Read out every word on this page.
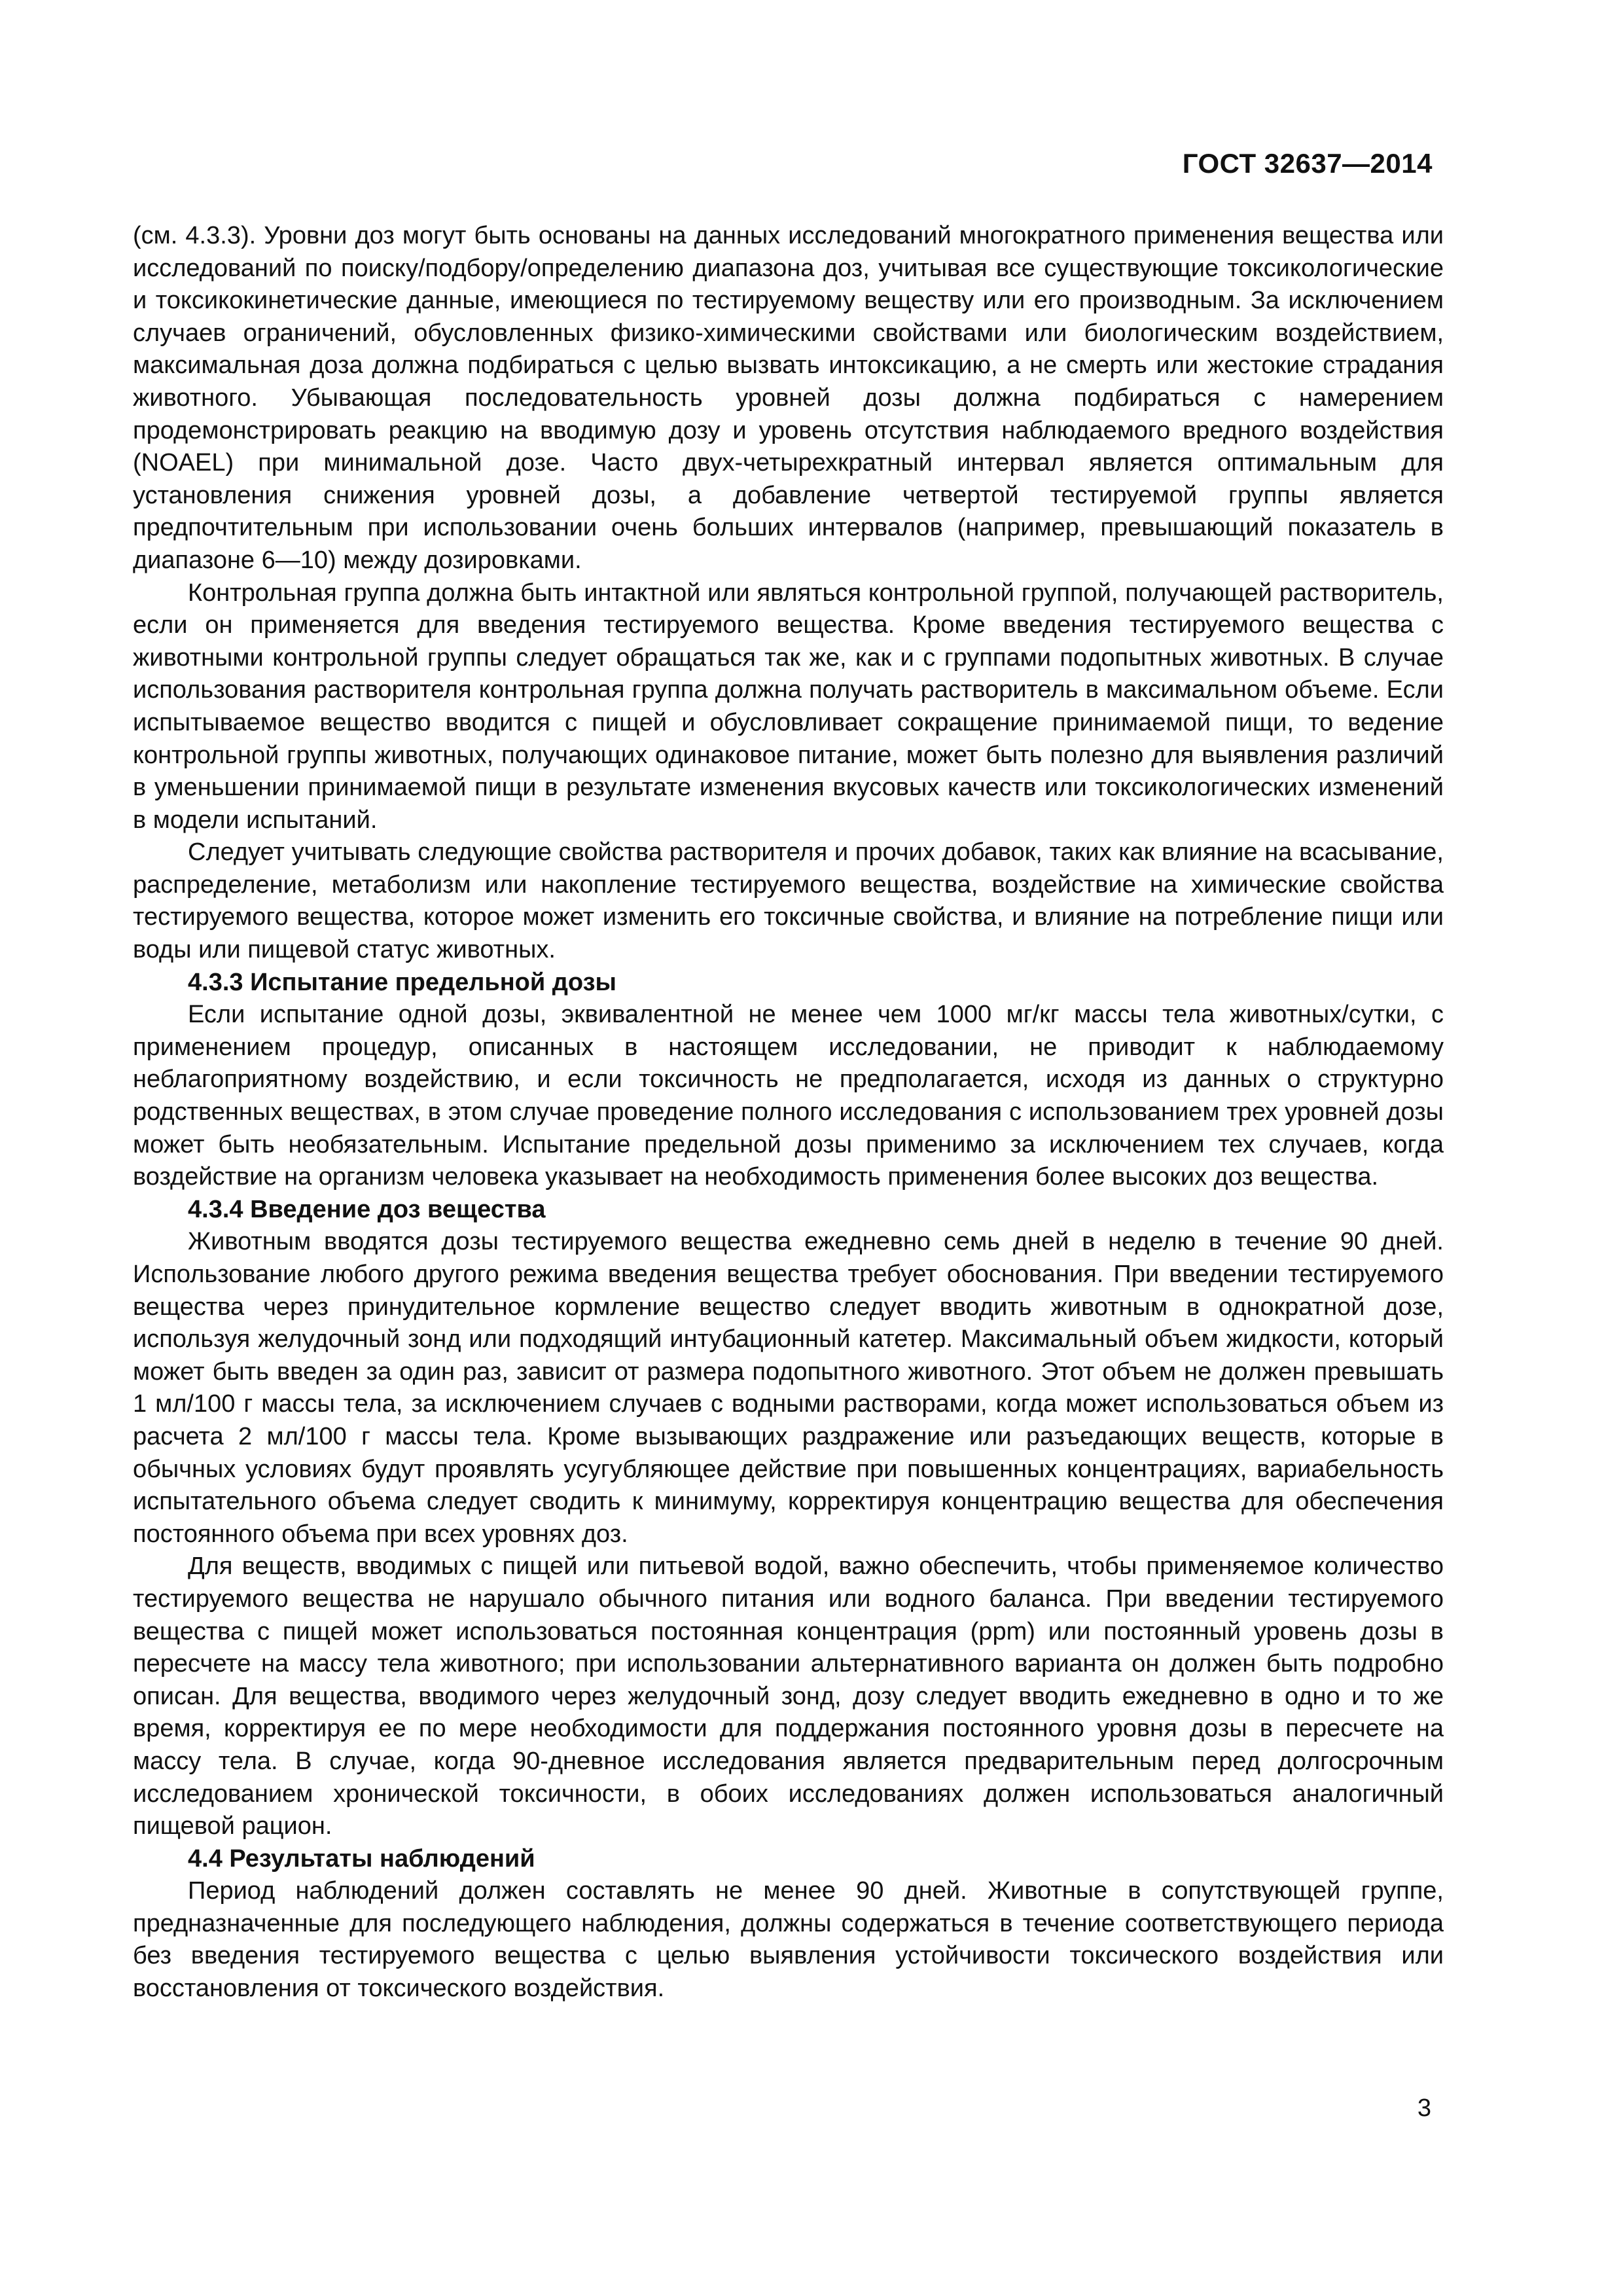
ГОСТ 32637—2014

(см. 4.3.3). Уровни доз могут быть основаны на данных исследований многократного применения вещества или исследований по поиску/подбору/определению диапазона доз, учитывая все существующие токсикологические и токсикокинетические данные, имеющиеся по тестируемому веществу или его производным. За исключением случаев ограничений, обусловленных физико-химическими свойствами или биологическим воздействием, максимальная доза должна подбираться с целью вызвать интоксикацию, а не смерть или жестокие страдания животного. Убывающая последовательность уровней дозы должна подбираться с намерением продемонстрировать реакцию на вводимую дозу и уровень отсутствия наблюдаемого вредного воздействия (NOAEL) при минимальной дозе. Часто двух-четырехкратный интервал является оптимальным для установления снижения уровней дозы, а добавление четвертой тестируемой группы является предпочтительным при использовании очень больших интервалов (например, превышающий показатель в диапазоне 6—10) между дозировками.

Контрольная группа должна быть интактной или являться контрольной группой, получающей растворитель, если он применяется для введения тестируемого вещества. Кроме введения тестируемого вещества с животными контрольной группы следует обращаться так же, как и с группами подопытных животных. В случае использования растворителя контрольная группа должна получать растворитель в максимальном объеме. Если испытываемое вещество вводится с пищей и обусловливает сокращение принимаемой пищи, то ведение контрольной группы животных, получающих одинаковое питание, может быть полезно для выявления различий в уменьшении принимаемой пищи в результате изменения вкусовых качеств или токсикологических изменений в модели испытаний.

Следует учитывать следующие свойства растворителя и прочих добавок, таких как влияние на всасывание, распределение, метаболизм или накопление тестируемого вещества, воздействие на химические свойства тестируемого вещества, которое может изменить его токсичные свойства, и влияние на потребление пищи или воды или пищевой статус животных.

4.3.3 Испытание предельной дозы

Если испытание одной дозы, эквивалентной не менее чем 1000 мг/кг массы тела животных/сутки, с применением процедур, описанных в настоящем исследовании, не приводит к наблюдаемому неблагоприятному воздействию, и если токсичность не предполагается, исходя из данных о структурно родственных веществах, в этом случае проведение полного исследования с использованием трех уровней дозы может быть необязательным. Испытание предельной дозы применимо за исключением тех случаев, когда воздействие на организм человека указывает на необходимость применения более высоких доз вещества.

4.3.4 Введение доз вещества

Животным вводятся дозы тестируемого вещества ежедневно семь дней в неделю в течение 90 дней. Использование любого другого режима введения вещества требует обоснования. При введении тестируемого вещества через принудительное кормление вещество следует вводить животным в однократной дозе, используя желудочный зонд или подходящий интубационный катетер. Максимальный объем жидкости, который может быть введен за один раз, зависит от размера подопытного животного. Этот объем не должен превышать 1 мл/100 г массы тела, за исключением случаев с водными растворами, когда может использоваться объем из расчета 2 мл/100 г массы тела. Кроме вызывающих раздражение или разъедающих веществ, которые в обычных условиях будут проявлять усугубляющее действие при повышенных концентрациях, вариабельность испытательного объема следует сводить к минимуму, корректируя концентрацию вещества для обеспечения постоянного объема при всех уровнях доз.

Для веществ, вводимых с пищей или питьевой водой, важно обеспечить, чтобы применяемое количество тестируемого вещества не нарушало обычного питания или водного баланса. При введении тестируемого вещества с пищей может использоваться постоянная концентрация (ppm) или постоянный уровень дозы в пересчете на массу тела животного; при использовании альтернативного варианта он должен быть подробно описан. Для вещества, вводимого через желудочный зонд, дозу следует вводить ежедневно в одно и то же время, корректируя ее по мере необходимости для поддержания постоянного уровня дозы в пересчете на массу тела. В случае, когда 90-дневное исследования является предварительным перед долгосрочным исследованием хронической токсичности, в обоих исследованиях должен использоваться аналогичный пищевой рацион.

4.4 Результаты наблюдений

Период наблюдений должен составлять не менее 90 дней. Животные в сопутствующей группе, предназначенные для последующего наблюдения, должны содержаться в течение соответствующего периода без введения тестируемого вещества с целью выявления устойчивости токсического воздействия или восстановления от токсического воздействия.

3
